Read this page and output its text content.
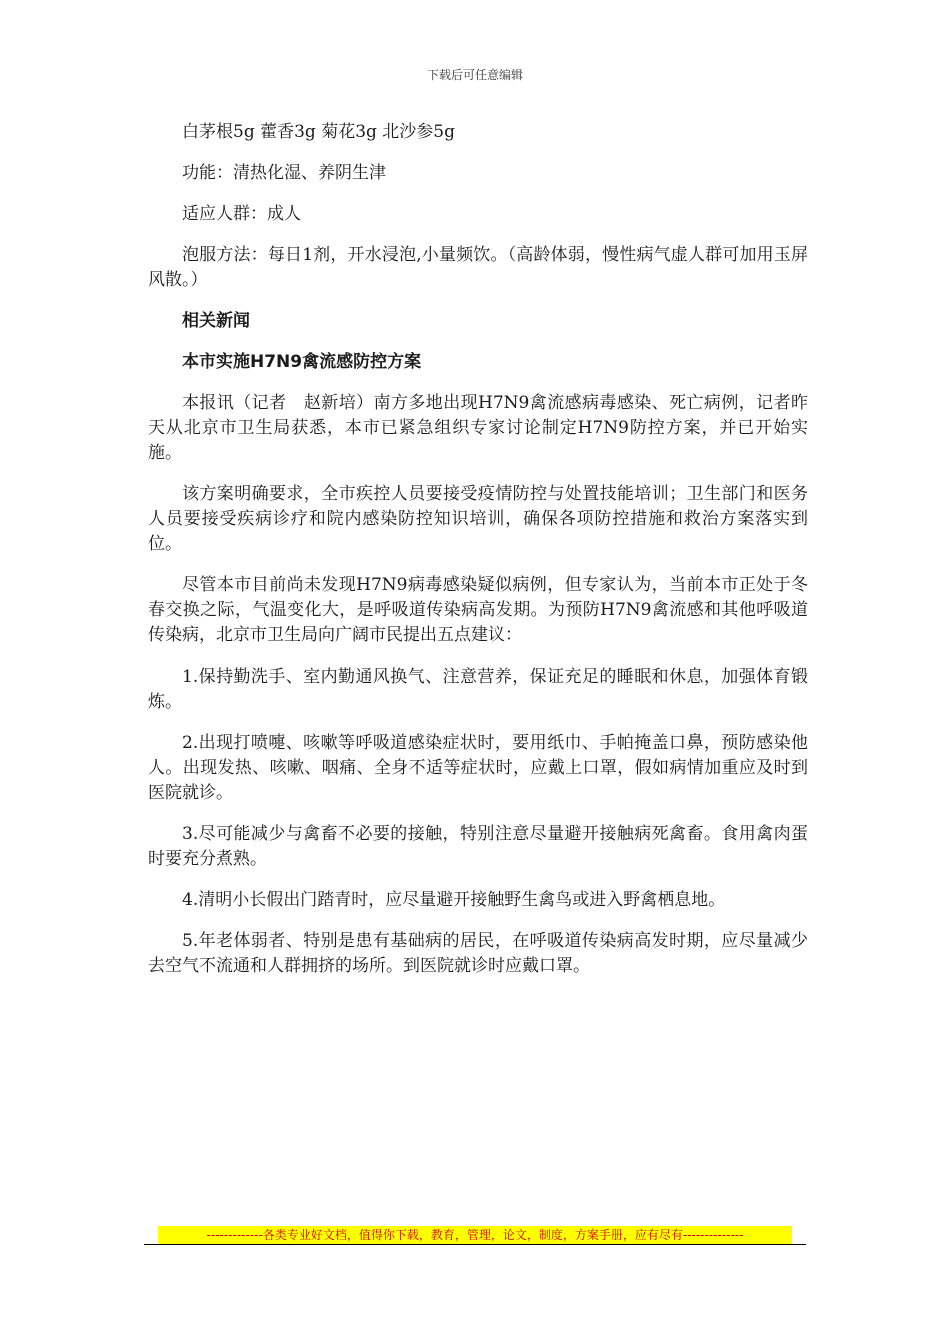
下载后可任意编辑

白茅根5g 藿香3g 菊花3g 北沙参5g

功能：清热化湿、养阴生津

适应人群：成人

泡服方法：每日1剂，开水浸泡,小量频饮。（高龄体弱，慢性病气虚人群可加用玉屏风散。）

相关新闻

本市实施H7N9禽流感防控方案

本报讯（记者　赵新培）南方多地出现H7N9禽流感病毒感染、死亡病例，记者昨天从北京市卫生局获悉，本市已紧急组织专家讨论制定H7N9防控方案，并已开始实施。

该方案明确要求，全市疾控人员要接受疫情防控与处置技能培训；卫生部门和医务人员要接受疾病诊疗和院内感染防控知识培训，确保各项防控措施和救治方案落实到位。

尽管本市目前尚未发现H7N9病毒感染疑似病例，但专家认为，当前本市正处于冬春交换之际，气温变化大，是呼吸道传染病高发期。为预防H7N9禽流感和其他呼吸道传染病，北京市卫生局向广阔市民提出五点建议：

1.保持勤洗手、室内勤通风换气、注意营养，保证充足的睡眠和休息，加强体育锻炼。

2.出现打喷嚏、咳嗽等呼吸道感染症状时，要用纸巾、手帕掩盖口鼻，预防感染他人。出现发热、咳嗽、咽痛、全身不适等症状时，应戴上口罩，假如病情加重应及时到医院就诊。

3.尽可能减少与禽畜不必要的接触，特别注意尽量避开接触病死禽畜。食用禽肉蛋时要充分煮熟。

4.清明小长假出门踏青时，应尽量避开接触野生禽鸟或进入野禽栖息地。

5.年老体弱者、特别是患有基础病的居民，在呼吸道传染病高发时期，应尽量减少去空气不流通和人群拥挤的场所。到医院就诊时应戴口罩。

-------------各类专业好文档，值得你下载，教育，管理，论文，制度，方案手册，应有尽有--------------
